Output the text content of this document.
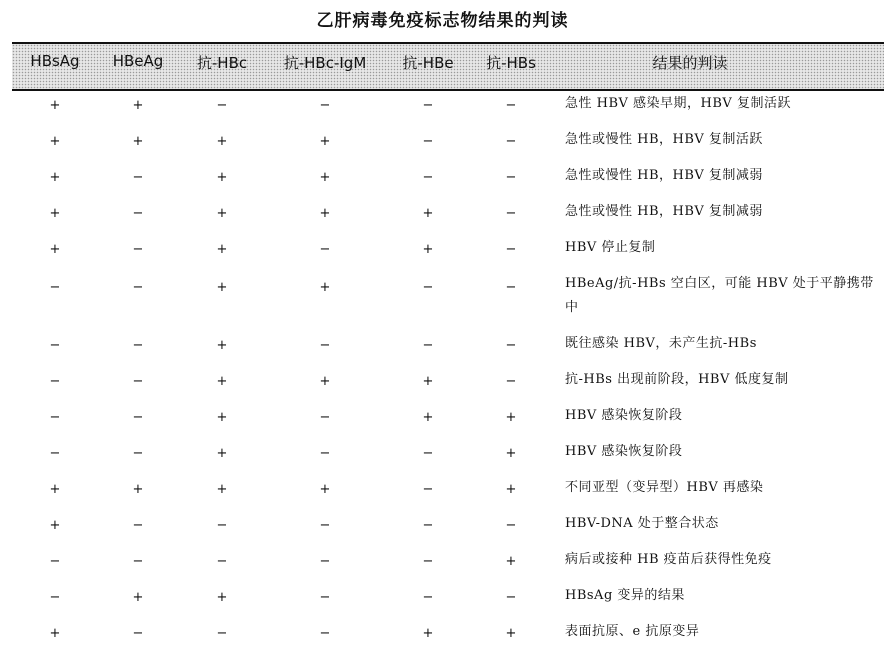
乙肝病毒免疫标志物结果的判读
HBsAg HBeAg 抗-HBc 抗-HBc-IgM 抗-HBe 抗-HBs	结果的判读
+	+	−	−	−	−	急性 HBV 感染早期，HBV 复制活跃
+	+	+	+	−	−	急性或慢性 HB，HBV 复制活跃
+	−	+	+	−	−	急性或慢性 HB，HBV 复制减弱
+	−	+	+	+	−	急性或慢性 HB，HBV 复制减弱
+	−	+	−	+	−	HBV 停止复制
−	−	+	+	−	−	HBeAg/抗-HBs 空白区，可能 HBV 处于平静携带中
−	−	+	−	−	−	既往感染 HBV，未产生抗-HBs
−	−	+	+	+	−	抗-HBs 出现前阶段，HBV 低度复制
−	−	+	−	+	+	HBV 感染恢复阶段
−	−	+	−	−	+	HBV 感染恢复阶段
+	+	+	+	−	+	不同亚型（变异型）HBV 再感染
+	−	−	−	−	−	HBV-DNA 处于整合状态
−	−	−	−	−	+	病后或接种 HB 疫苗后获得性免疫
−	+	+	−	−	−	HBsAg 变异的结果
+	−	−	−	+	+	表面抗原、e 抗原变异
